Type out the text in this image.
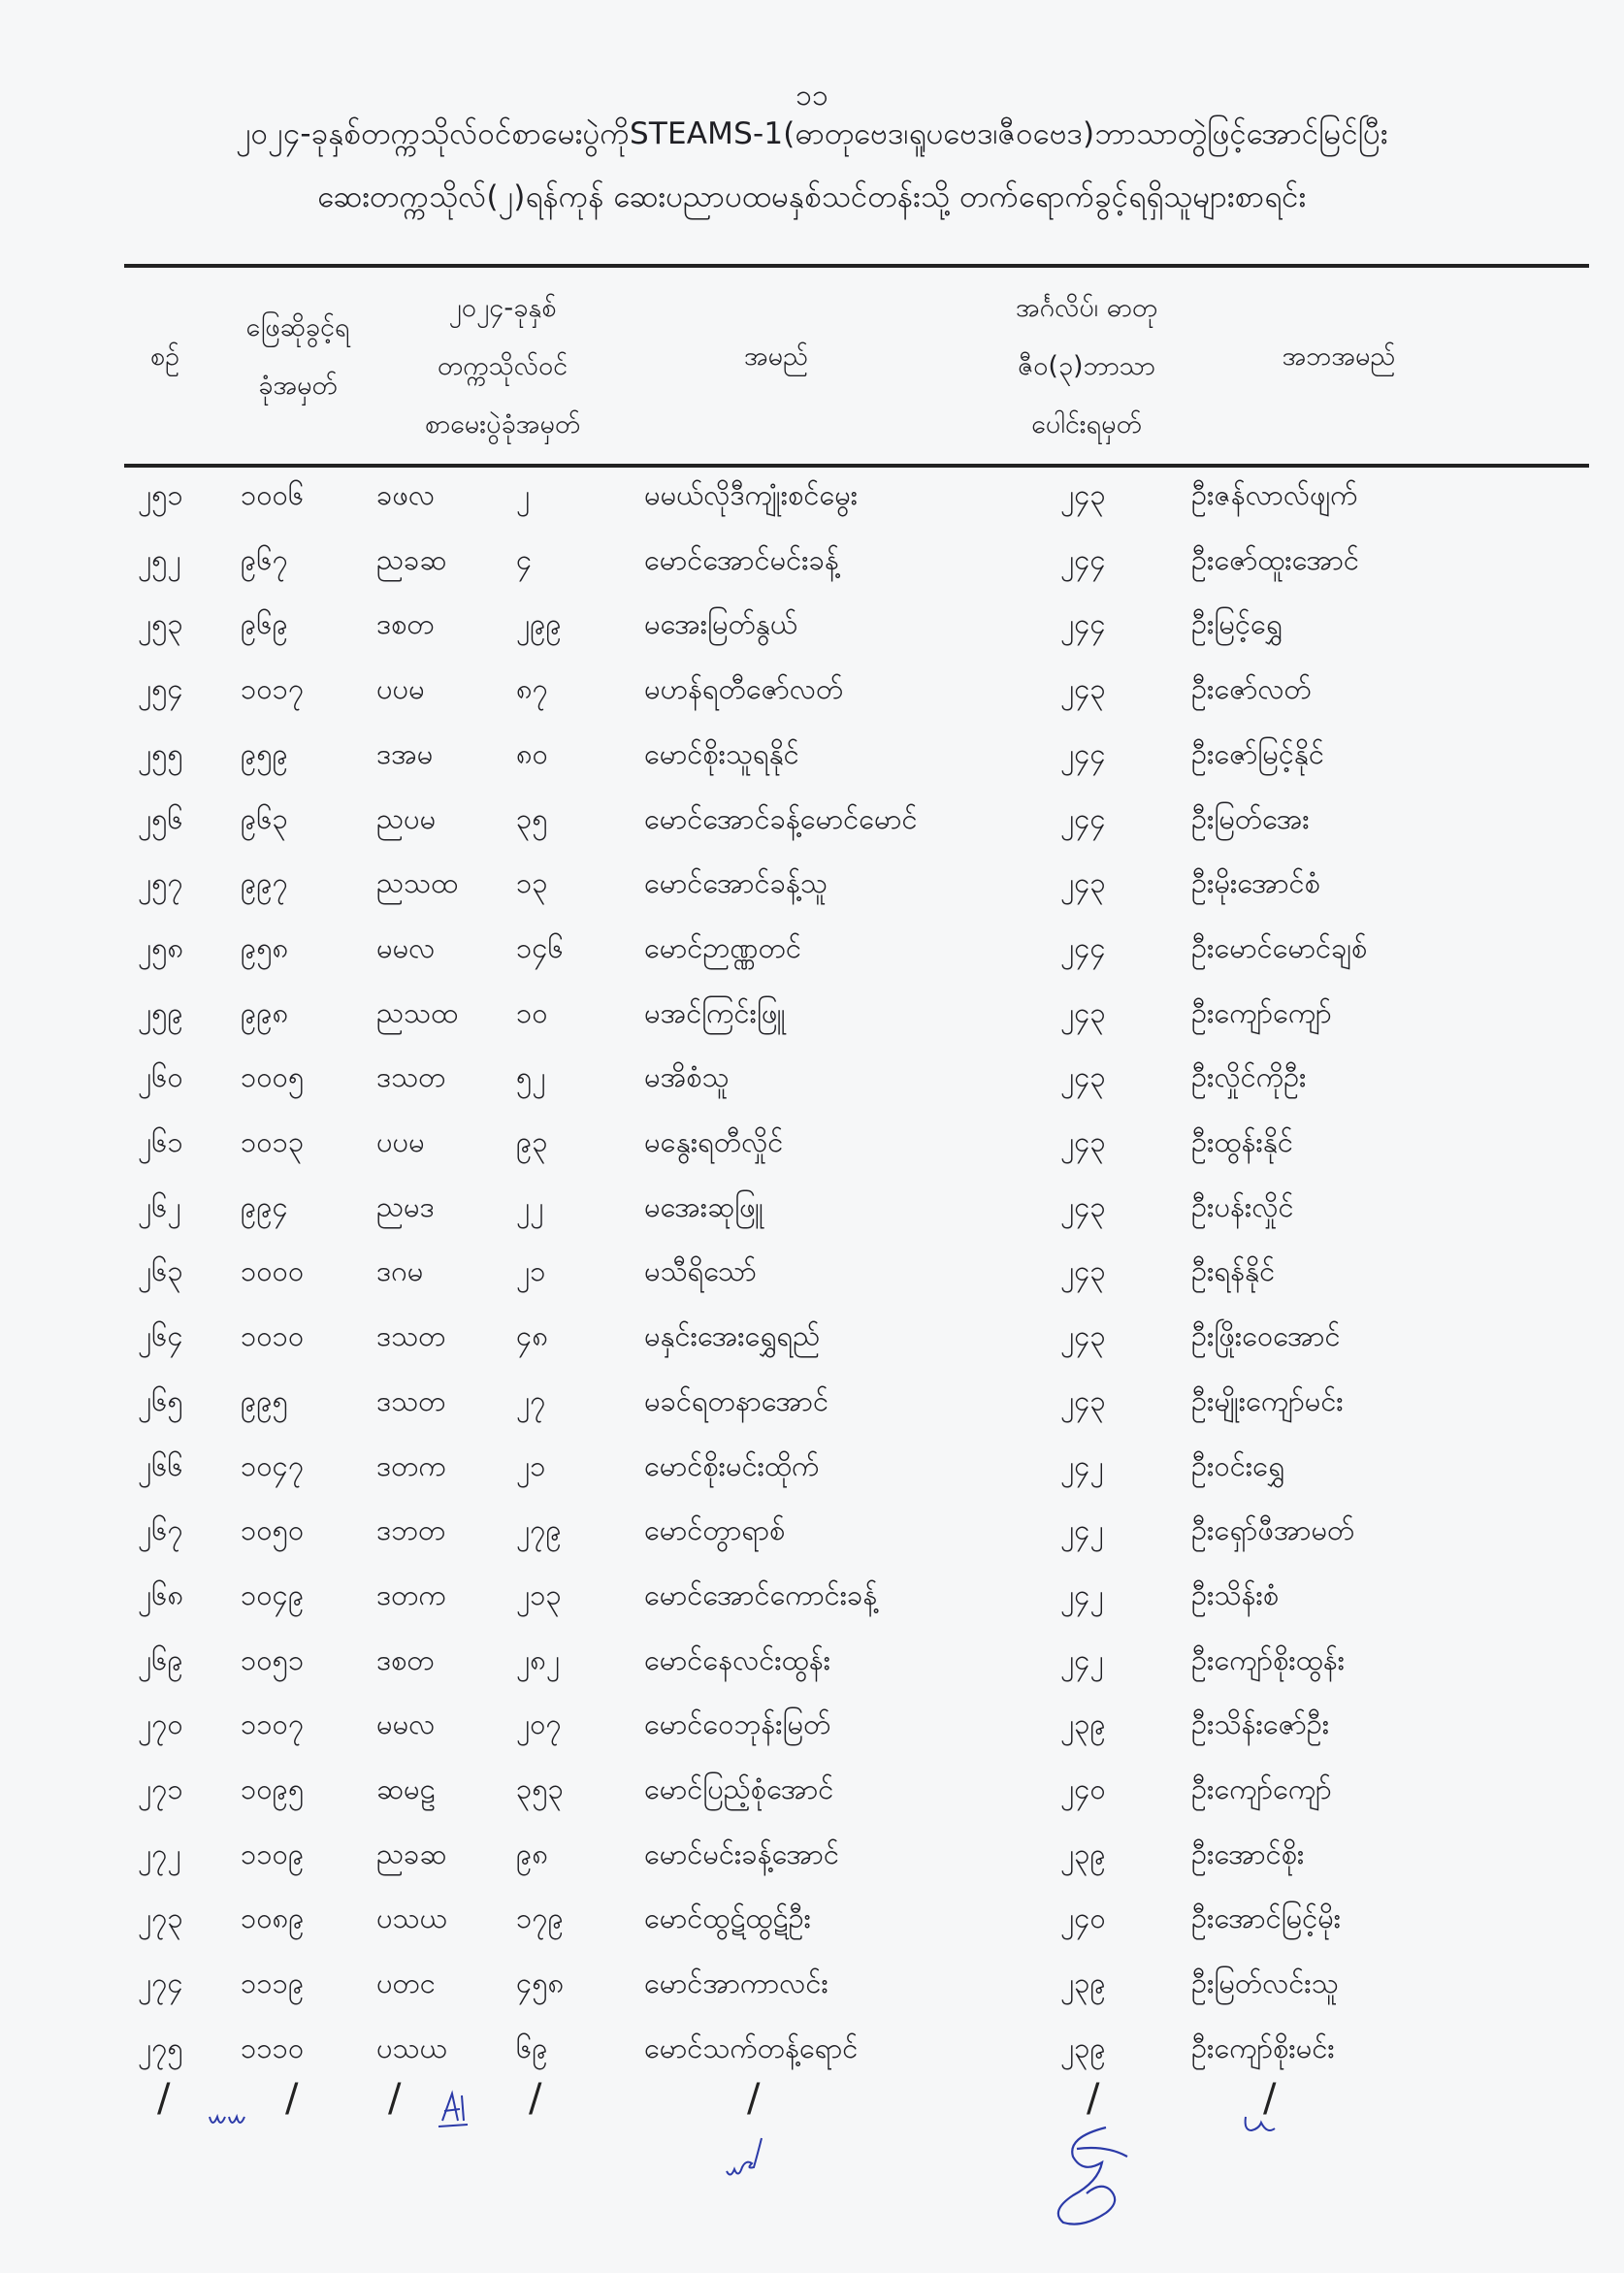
၁၁
၂၀၂၄-ခုနှစ်တက္ကသိုလ်ဝင်စာမေးပွဲကိုSTEAMS-1(ဓာတုဗေဒ၊ရူပဗေဒ၊ဇီဝဗေဒ)ဘာသာတွဲဖြင့်အောင်မြင်ပြီး
ဆေးတက္ကသိုလ်(၂)ရန်ကုန် ဆေးပညာပထမနှစ်သင်တန်းသို့ တက်ရောက်ခွင့်ရရှိသူများစာရင်း
စဉ်
ဖြေဆိုခွင့်ရ
ခုံအမှတ်
၂၀၂၄-ခုနှစ်
တက္ကသိုလ်ဝင်
စာမေးပွဲခုံအမှတ်
အမည်
အင်္ဂလိပ်၊ ဓာတု
ဇီဝ(၃)ဘာသာ
ပေါင်းရမှတ်
အဘအမည်
၂၅၁ ၁၀၀၆	ခဖလ	၂	မမယ်လိုဒီကျုံးစင်မွေး	၂၄၃	ဦးဇန်လာလ်ဖျက်
၂၅၂ ၉၆၇	ညခဆ ၄	မောင်အောင်မင်းခန့်	၂၄၄	ဦးဇော်ထူးအောင်
၂၅၃ ၉၆၉	ဒစတ	၂၉၉	မအေးမြတ်နွယ်	၂၄၄	ဦးမြင့်ရွှေ
၂၅၄ ၁၀၁၇	ပပမ	၈၇	မဟန်ရတီဇော်လတ်	၂၄၃	ဦးဇော်လတ်
၂၅၅ ၉၅၉	ဒအမ	၈၀	မောင်စိုးသူရနိုင်	၂၄၄	ဦးဇော်မြင့်နိုင်
၂၅၆ ၉၆၃	ညပမ	၃၅	မောင်အောင်ခန့်မောင်မောင်	၂၄၄	ဦးမြတ်အေး
၂၅၇ ၉၉၇	ညသထ ၁၃	မောင်အောင်ခန့်သူ	၂၄၃	ဦးမိုးအောင်စံ
၂၅၈ ၉၅၈	မမလ	၁၄၆	မောင်ဉာဏ္ဏတင်	၂၄၄	ဦးမောင်မောင်ချစ်
၂၅၉ ၉၉၈	ညသထ ၁၀	မအင်ကြင်းဖြူ	၂၄၃	ဦးကျော်ကျော်
၂၆၀ ၁၀၀၅	ဒသတ	၅၂	မအိစံသူ	၂၄၃	ဦးလှိုင်ကိုဦး
၂၆၁ ၁၀၁၃	ပပမ	၉၃	မနွေးရတီလှိုင်	၂၄၃	ဦးထွန်းနိုင်
၂၆၂ ၉၉၄	ညမဒ	၂၂	မအေးဆုဖြူ	၂၄၃	ဦးပန်းလှိုင်
၂၆၃ ၁၀၀၀	ဒဂမ	၂၁	မသီရိသော်	၂၄၃	ဦးရန်နိုင်
၂၆၄ ၁၀၁၀	ဒသတ	၄၈	မနှင်းအေးရွှေရည်	၂၄၃	ဦးဖြိုးဝေအောင်
၂၆၅ ၉၉၅	ဒသတ	၂၇	မခင်ရတနာအောင်	၂၄၃	ဦးမျိုးကျော်မင်း
၂၆၆ ၁၀၄၇	ဒတက ၂၁	မောင်စိုးမင်းထိုက်	၂၄၂	ဦးဝင်းရွှေ
၂၆၇ ၁၀၅၀	ဒဘတ	၂၇၉	မောင်တွာရာစ်	၂၄၂	ဦးရှော်ဖီအာမတ်
၂၆၈ ၁၀၄၉	ဒတက ၂၁၃	မောင်အောင်ကောင်းခန့်	၂၄၂	ဦးသိန်းစံ
၂၆၉ ၁၀၅၁	ဒစတ	၂၈၂	မောင်နေလင်းထွန်း	၂၄၂	ဦးကျော်စိုးထွန်း
၂၇၀ ၁၁၀၇	မမလ	၂၀၇	မောင်ဝေဘုန်းမြတ်	၂၃၉	ဦးသိန်းဇော်ဦး
၂၇၁ ၁၀၉၅	ဆမဠ	၃၅၃	မောင်ပြည့်စုံအောင်	၂၄၀	ဦးကျော်ကျော်
၂၇၂ ၁၁၀၉	ညခဆ ၉၈	မောင်မင်းခန့်အောင်	၂၃၉	ဦးအောင်စိုး
၂၇၃ ၁၀၈၉	ပသယ ၁၇၉	မောင်ထွဋ်ထွဋ်ဦး	၂၄၀	ဦးအောင်မြင့်မိုး
၂၇၄ ၁၁၁၉	ပတင	၄၅၈	မောင်အာကာလင်း	၂၃၉	ဦးမြတ်လင်းသူ
၂၇၅ ၁၁၁၀	ပသယ ၆၉	မောင်သက်တန့်ရောင်	၂၃၉	ဦးကျော်စိုးမင်း
/	/ /	/	/	/	/
